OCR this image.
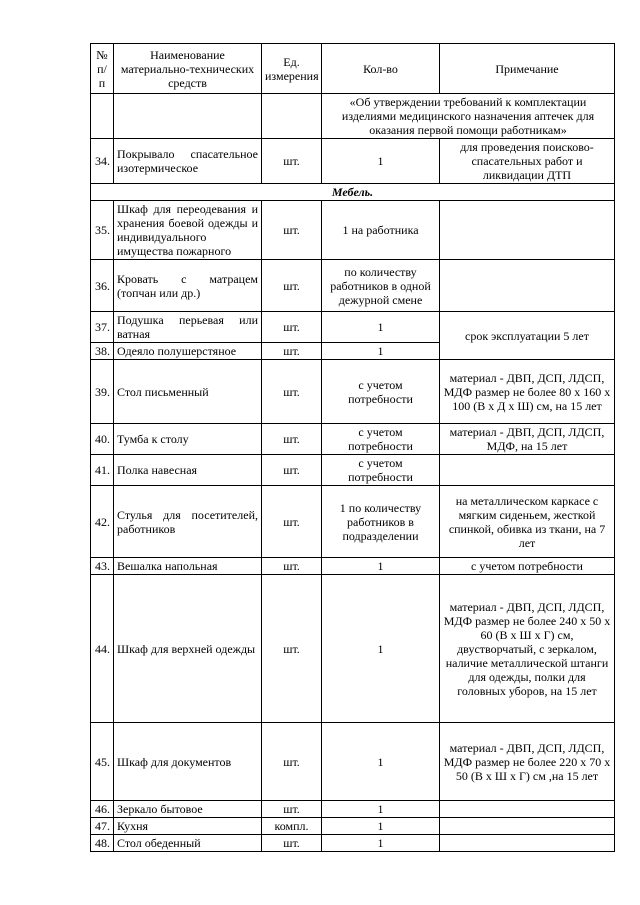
№ п/п	Наименование материально-технических средств	Ед. измерения	Кол-во	Примечание
			«Об утверждении требований к комплектации изделиями медицинского назначения аптечек для оказания первой помощи работникам»	
34.	Покрывало спасательное изотермическое	шт.	1	для проведения поисково-спасательных работ и ликвидации ДТП
Мебель.				
35.	Шкаф для переодевания и хранения боевой одежды и индивидуального имущества пожарного	шт.	1 на работника	
36.	Кровать с матрацем (топчан или др.)	шт.	по количеству работников в одной дежурной смене	
37.	Подушка перьевая или ватная	шт.	1	срок эксплуатации 5 лет
38.	Одеяло полушерстяное	шт.	1	
39.	Стол письменный	шт.	с учетом потребности	материал - ДВП, ДСП, ЛДСП, МДФ размер не более 80 х 160 х 100 (В х Д х Ш) см, на 15 лет
40.	Тумба к столу	шт.	с учетом потребности	материал - ДВП, ДСП, ЛДСП, МДФ, на 15 лет
41.	Полка навесная	шт.	с учетом потребности	
42.	Стулья для посетителей, работников	шт.	1 по количеству работников в подразделении	на металлическом каркасе с мягким сиденьем, жесткой спинкой, обивка из ткани, на 7 лет
43.	Вешалка напольная	шт.	1	с учетом потребности
44.	Шкаф для верхней одежды	шт.	1	материал - ДВП, ДСП, ЛДСП, МДФ размер не более 240 х 50 х 60 (В х Ш х Г) см, двустворчатый, с зеркалом, наличие металлической штанги для одежды, полки для головных уборов, на 15 лет
45.	Шкаф для документов	шт.	1	материал - ДВП, ДСП, ЛДСП, МДФ размер не более 220 х 70 х 50 (В х Ш х Г) см ,на 15 лет
46.	Зеркало бытовое	шт.	1	
47.	Кухня	компл.	1	
48.	Стол обеденный	шт.	1	
